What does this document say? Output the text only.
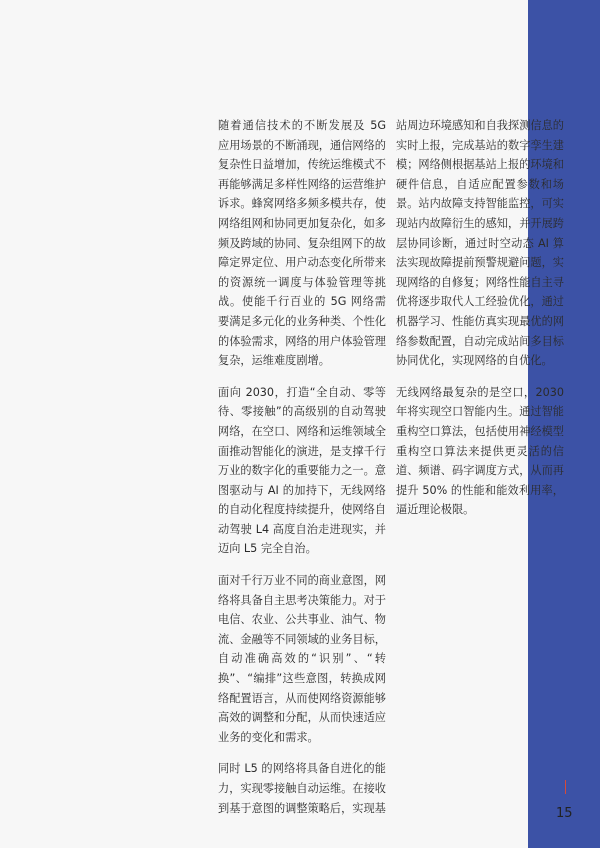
随着通信技术的不断发展及 5G 应用场景的不断涌现，通信网络的复杂性日益增加，传统运维模式不再能够满足多样性网络的运营维护诉求。蜂窝网络多频多模共存，使网络组网和协同更加复杂化，如多频及跨域的协同、复杂组网下的故障定界定位、用户动态变化所带来的资源统一调度与体验管理等挑战。使能千行百业的 5G 网络需要满足多元化的业务种类、个性化的体验需求，网络的用户体验管理复杂，运维难度剧增。

面向 2030，打造“全自动、零等待、零接触”的高级别的自动驾驶网络，在空口、网络和运维领域全面推动智能化的演进，是支撑千行万业的数字化的重要能力之一。意图驱动与 AI 的加持下，无线网络的自动化程度持续提升，使网络自动驾驶 L4 高度自治走进现实，并迈向 L5 完全自治。

面对千行万业不同的商业意图，网络将具备自主思考决策能力。对于电信、农业、公共事业、油气、物流、金融等不同领域的业务目标，自动准确高效的“识别”、“转换”、“编排”这些意图，转换成网络配置语言，从而使网络资源能够高效的调整和分配，从而快速适应业务的变化和需求。

同时 L5 的网络将具备自进化的能力，实现零接触自动运维。在接收到基于意图的调整策略后，实现基

站周边环境感知和自我探测信息的实时上报，完成基站的数字孪生建模；网络侧根据基站上报的环境和硬件信息，自适应配置参数和场景。站内故障支持智能监控，可实现站内故障衍生的感知，并开展跨层协同诊断，通过时空动态 AI 算法实现故障提前预警规避问题，实现网络的自修复；网络性能自主寻优将逐步取代人工经验优化，通过机器学习、性能仿真实现最优的网络参数配置，自动完成站间多目标协同优化，实现网络的自优化。

无线网络最复杂的是空口，2030 年将实现空口智能内生。通过智能重构空口算法，包括使用神经模型重构空口算法来提供更灵活的信道、频谱、码字调度方式，从而再提升 50% 的性能和能效利用率，逼近理论极限。

15
